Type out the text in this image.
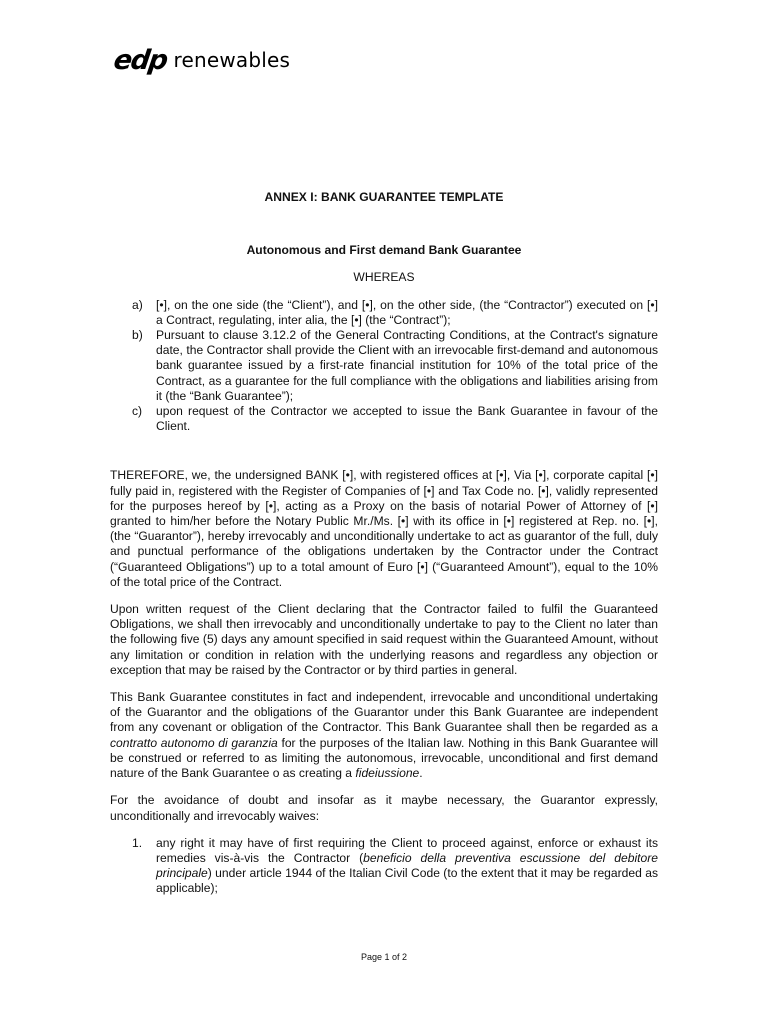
edp renewables

ANNEX I: BANK GUARANTEE TEMPLATE

Autonomous and First demand Bank Guarantee

WHEREAS

a)	[•], on the one side (the “Client”), and [•], on the other side, (the “Contractor”) executed on [•] a Contract, regulating, inter alia, the [•] (the “Contract”);
b)	Pursuant to clause 3.12.2 of the General Contracting Conditions, at the Contract's signature date, the Contractor shall provide the Client with an irrevocable first-demand and autonomous bank guarantee issued by a first-rate financial institution for 10% of the total price of the Contract, as a guarantee for the full compliance with the obligations and liabilities arising from it (the “Bank Guarantee”);
c)	upon request of the Contractor we accepted to issue the Bank Guarantee in favour of the Client.

THEREFORE, we, the undersigned BANK [•], with registered offices at [•], Via [•], corporate capital [•] fully paid in, registered with the Register of Companies of [•] and Tax Code no. [•], validly represented for the purposes hereof by [•], acting as a Proxy on the basis of notarial Power of Attorney of [•] granted to him/her before the Notary Public Mr./Ms. [•] with its office in [•] registered at Rep. no. [•], (the “Guarantor”), hereby irrevocably and unconditionally undertake to act as guarantor of the full, duly and punctual performance of the obligations undertaken by the Contractor under the Contract (“Guaranteed Obligations”) up to a total amount of Euro [•] (“Guaranteed Amount”), equal to the 10% of the total price of the Contract.

Upon written request of the Client declaring that the Contractor failed to fulfil the Guaranteed Obligations, we shall then irrevocably and unconditionally undertake to pay to the Client no later than the following five (5) days any amount specified in said request within the Guaranteed Amount, without any limitation or condition in relation with the underlying reasons and regardless any objection or exception that may be raised by the Contractor or by third parties in general.

This Bank Guarantee constitutes in fact and independent, irrevocable and unconditional undertaking of the Guarantor and the obligations of the Guarantor under this Bank Guarantee are independent from any covenant or obligation of the Contractor. This Bank Guarantee shall then be regarded as a contratto autonomo di garanzia for the purposes of the Italian law. Nothing in this Bank Guarantee will be construed or referred to as limiting the autonomous, irrevocable, unconditional and first demand nature of the Bank Guarantee o as creating a fideiussione.

For the avoidance of doubt and insofar as it maybe necessary, the Guarantor expressly, unconditionally and irrevocably waives:

1.	any right it may have of first requiring the Client to proceed against, enforce or exhaust its remedies vis-à-vis the Contractor (beneficio della preventiva escussione del debitore principale) under article 1944 of the Italian Civil Code (to the extent that it may be regarded as applicable);
Page 1 of 2
